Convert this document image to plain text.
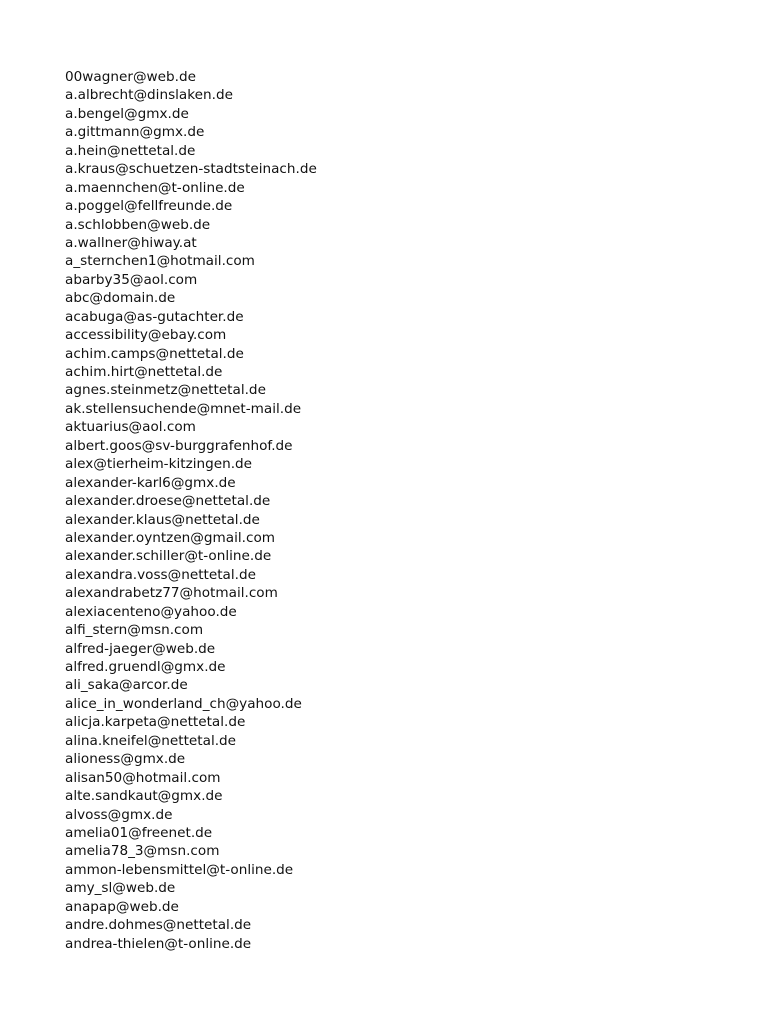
00wagner@web.de
a.albrecht@dinslaken.de
a.bengel@gmx.de
a.gittmann@gmx.de
a.hein@nettetal.de
a.kraus@schuetzen-stadtsteinach.de
a.maennchen@t-online.de
a.poggel@fellfreunde.de
a.schlobben@web.de
a.wallner@hiway.at
a_sternchen1@hotmail.com
abarby35@aol.com
abc@domain.de
acabuga@as-gutachter.de
accessibility@ebay.com
achim.camps@nettetal.de
achim.hirt@nettetal.de
agnes.steinmetz@nettetal.de
ak.stellensuchende@mnet-mail.de
aktuarius@aol.com
albert.goos@sv-burggrafenhof.de
alex@tierheim-kitzingen.de
alexander-karl6@gmx.de
alexander.droese@nettetal.de
alexander.klaus@nettetal.de
alexander.oyntzen@gmail.com
alexander.schiller@t-online.de
alexandra.voss@nettetal.de
alexandrabetz77@hotmail.com
alexiacenteno@yahoo.de
alfi_stern@msn.com
alfred-jaeger@web.de
alfred.gruendl@gmx.de
ali_saka@arcor.de
alice_in_wonderland_ch@yahoo.de
alicja.karpeta@nettetal.de
alina.kneifel@nettetal.de
alioness@gmx.de
alisan50@hotmail.com
alte.sandkaut@gmx.de
alvoss@gmx.de
amelia01@freenet.de
amelia78_3@msn.com
ammon-lebensmittel@t-online.de
amy_sl@web.de
anapap@web.de
andre.dohmes@nettetal.de
andrea-thielen@t-online.de
